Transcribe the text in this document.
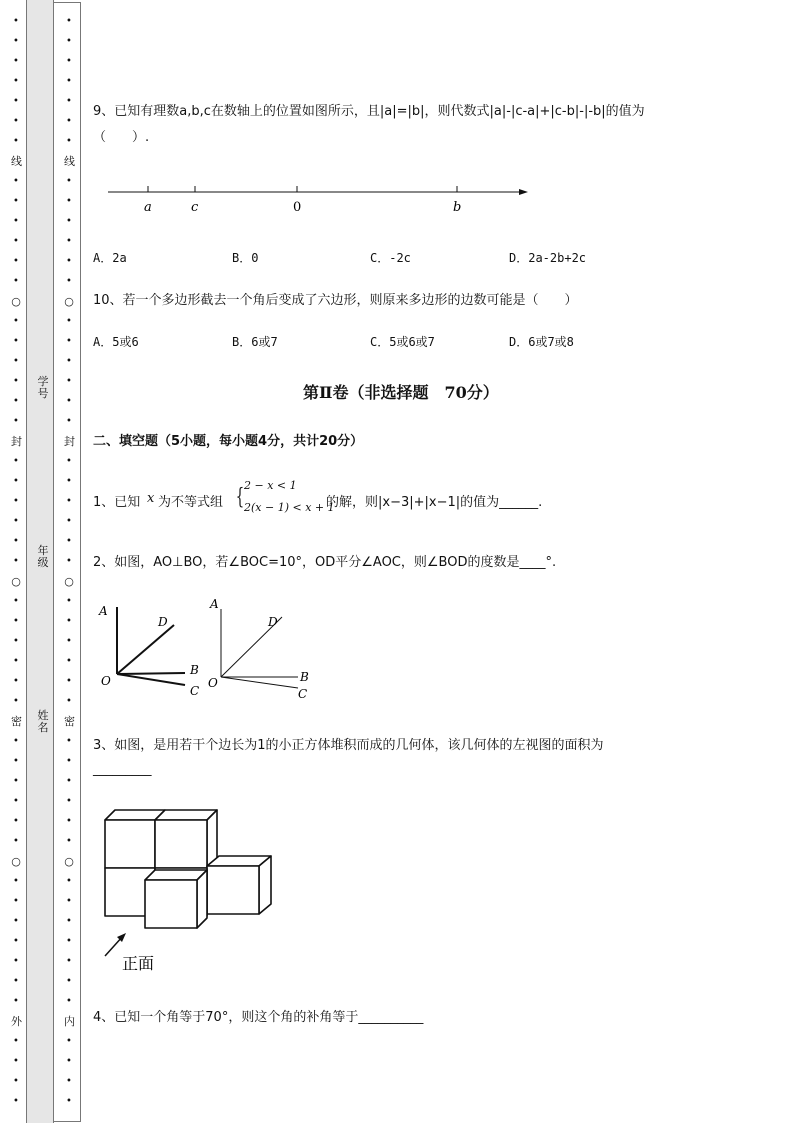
•
•
•
•
•
•
•
线
•
•
•
•
•
•
○
•
•
•
•
•
•
封
•
•
•
•
•
•
○
•
•
•
•
•
•
密
•
•
•
•
•
•
○
•
•
•
•
•
•
•
外
•
•
•
•
•
•
•
•
•
•
•
线
•
•
•
•
•
•
○
•
•
•
•
•
•
封
•
•
•
•
•
•
○
•
•
•
•
•
•
密
•
•
•
•
•
•
○
•
•
•
•
•
•
•
内
•
•
•
•
学
号
年
级
姓
名
9、已知有理数a,b,c在数轴上的位置如图所示，且|a|=|b|，则代数式|a|-|c-a|+|c-b|-|-b|的值为
（　　）.
a	c	0	b
A．2a	B．0	C．-2c	D．2a-2b+2c
10、若一个多边形截去一个角后变成了六边形，则原来多边形的边数可能是（　　）
A．5或6	B．6或7	C．5或6或7	D．6或7或8
第Ⅱ卷（非选择题　70分）
二、填空题（5小题，每小题4分，共计20分）
1、已知 x 为不等式组 { 2 − x < 1
2(x − 1) < x + 1
的解，则|x−3|+|x−1|的值为______.
2、如图，AO⊥BO，若∠BOC=10°，OD平分∠AOC，则∠BOD的度数是____°.
A
D
B
O
C
A
D
B
O
C
3、如图，是用若干个边长为1的小正方体堆积而成的几何体，该几何体的左视图的面积为
_________
正面
4、已知一个角等于70°，则这个角的补角等于__________
